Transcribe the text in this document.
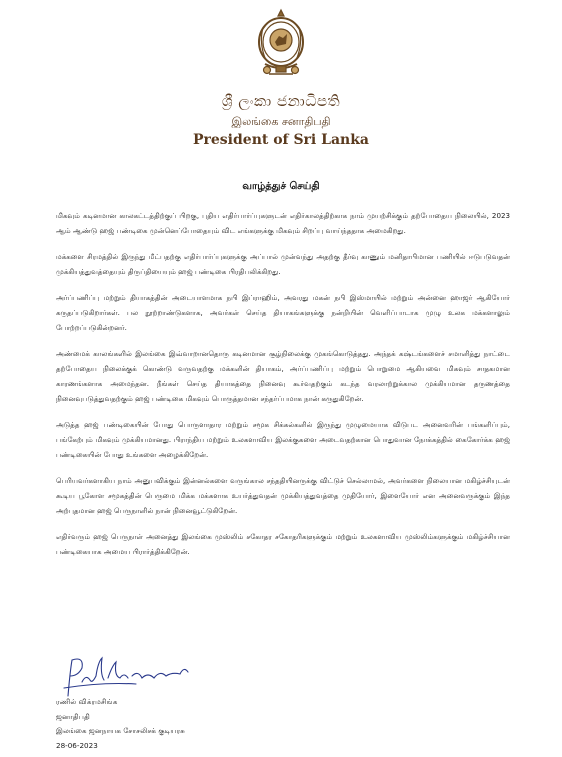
ශ්‍රී ලංකා ජනාධිපති
இலங்கை சனாதிபதி
President of Sri Lanka
வாழ்த்துச் செய்தி

மிகவும் கடினமான காலகட்டத்திற்குப் பிறகு, புதிய எதிர்பார்ப்புகளுடன் எதிர்காலத்திற்காக நாம் முயற்சிக்கும் தற்போதைய நிலையில், 2023 ஆம் ஆண்டு ஹஜ் பண்டிகை முன்னெப்போதையும் விட எங்களுக்கு மிகவும் சிறப்பு வாய்ந்ததாக அமைகிறது.

மக்களை சிரமத்தில் இருந்து மீட்பதற்கு எதிர்பார்ப்புகளுக்கு அப்பால் முன்வந்து அதற்கு தீர்வு காணும் மனிதாபிமான பணியில் ஈடுபடுவதன் முக்கியத்துவத்தையும் திருப்தியையும் ஹஜ் பண்டிகை பிரதிபலிக்கிறது.

அர்ப்பணிப்பு மற்றும் தியாகத்தின் அடையாளமாக நபி இப்ராஹிம், அவரது மகன் நபி இஸ்மாயில் மற்றும் அன்னை ஹாஜர் ஆகியோர் கருதப்படுகிறார்கள். பல நூற்றாண்டுகளாக, அவர்கள் செய்த தியாகங்களுக்கு நன்றியின் வெளிப்பாடாக முழு உலக மக்களாலும் போற்றப்படுகின்றனர்.

அண்மைக் காலங்களில் இலங்கை இவ்வாறானதொரு கடினமான சூழ்நிலைக்கு முகங்கொடுத்தது. அந்தக் கஷ்டங்களைச் சமாளித்து நாட்டை தற்போதைய நிலைக்குக் கொண்டு வருவதற்கு மக்களின் தியாகம், அர்ப்பணிப்பு மற்றும் பொறுமை ஆகியவை மிகவும் சாதகமான காரணங்களாக அமைந்தன. நீங்கள் செய்த தியாகத்தை நினைவு கூர்வதற்கும் கடந்த வரலாற்றுக்கால முக்கியமான தருணத்தை நினைவுபடுத்துவதற்கும் ஹஜ் பண்டிகை மிகவும் பொருத்தமான சந்தர்ப்பமாக நான் கருதுகிறேன்.

அடுத்த ஹஜ் பண்டிகையின் போது பொருளாதார மற்றும் சமூக சிக்கல்களில் இருந்து முழுமையாக விடுபட அனைவரின் பங்களிப்பும், பங்கேற்பும் மிகவும் முக்கியமானது. பிராந்திய மற்றும் உலகளாவிய இலக்குகளை அடைவதற்கான பொதுவான நோக்கத்தில் கைகோர்க்க ஹஜ் பண்டிகையின் போது உங்களை அழைக்கிறேன்.

பெரியவர்களாகிய நாம் அனுபவிக்கும் இன்னல்களை வருங்கால சந்ததியினருக்கு விட்டுச் செல்லாமல், அவர்களை நிலையான மகிழ்ச்சியுடன் கூடிய பூகோள சமூகத்தின் பெருமை மிக்க மக்களாக உயர்த்துவதன் முக்கியத்துவத்தை முதியோர், இளையோர் என அனைவருக்கும் இந்த அற்புதமான ஹஜ் பெருநாளில் நான் நினைவூட்டுகிறேன்.

எதிர்வரும் ஹஜ் பெருநாள் அனைத்து இலங்கை முஸ்லிம் சகோதர சகோதரிகளுக்கும் மற்றும் உலகளாவிய முஸ்லிம்களுக்கும் மகிழ்ச்சியான பண்டிகையாக அமைய பிரார்த்திக்கிறேன்.

ரணில் விக்ரமசிங்க
ஜனாதிபதி
இலங்கை ஜனநாயக சோசலிசக் குடியரசு
28-06-2023
